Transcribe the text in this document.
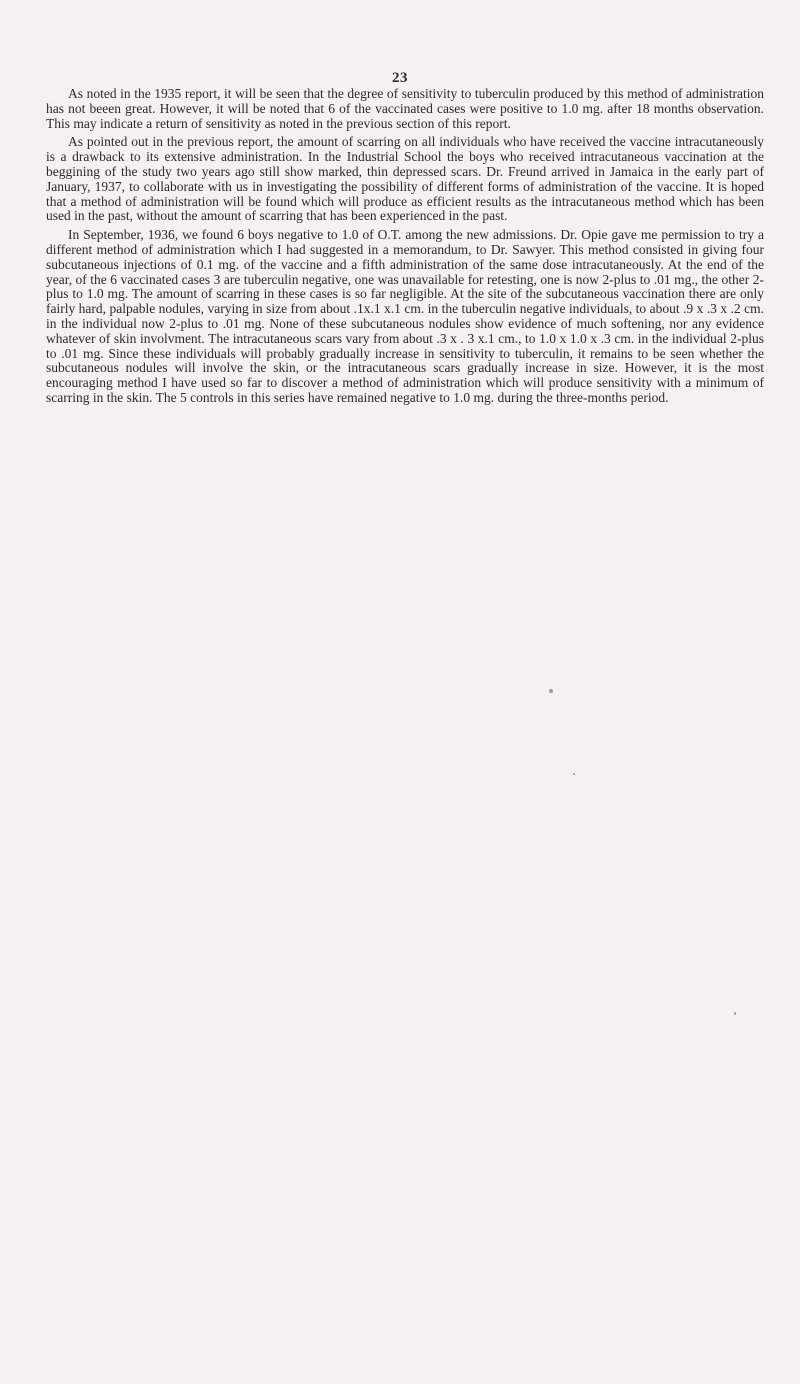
23

As noted in the 1935 report, it will be seen that the degree of sensitivity to tuberculin produced by this method of administration has not beeen great. However, it will be noted that 6 of the vaccinated cases were positive to 1.0 mg. after 18 months observation. This may indicate a return of sensitivity as noted in the previous section of this report.

As pointed out in the previous report, the amount of scarring on all individuals who have received the vaccine intracutaneously is a drawback to its extensive administration. In the Industrial School the boys who received intracutaneous vaccination at the beggining of the study two years ago still show marked, thin depressed scars. Dr. Freund arrived in Jamaica in the early part of January, 1937, to collaborate with us in investigating the possibility of different forms of administration of the vaccine. It is hoped that a method of administration will be found which will produce as efficient results as the intracutaneous method which has been used in the past, without the amount of scarring that has been experienced in the past.

In September, 1936, we found 6 boys negative to 1.0 of O.T. among the new admissions. Dr. Opie gave me permission to try a different method of administration which I had suggested in a memorandum, to Dr. Sawyer. This method consisted in giving four subcutaneous injections of 0.1 mg. of the vaccine and a fifth administration of the same dose intracutaneously. At the end of the year, of the 6 vaccinated cases 3 are tuberculin negative, one was unavailable for retesting, one is now 2-plus to .01 mg., the other 2-plus to 1.0 mg. The amount of scarring in these cases is so far negligible. At the site of the subcutaneous vaccination there are only fairly hard, palpable nodules, varying in size from about .1x.1 x.1 cm. in the tuberculin negative individuals, to about .9 x .3 x .2 cm. in the individual now 2-plus to .01 mg. None of these subcutaneous nodules show evidence of much softening, nor any evidence whatever of skin involvment. The intracutaneous scars vary from about .3 x . 3 x.1 cm., to 1.0 x 1.0 x .3 cm. in the individual 2-plus to .01 mg. Since these individuals will probably gradually increase in sensitivity to tuberculin, it remains to be seen whether the subcutaneous nodules will involve the skin, or the intracutaneous scars gradually increase in size. However, it is the most encouraging method I have used so far to discover a method of administration which will produce sensitivity with a minimum of scarring in the skin. The 5 controls in this series have remained negative to 1.0 mg. during the three-months period.
